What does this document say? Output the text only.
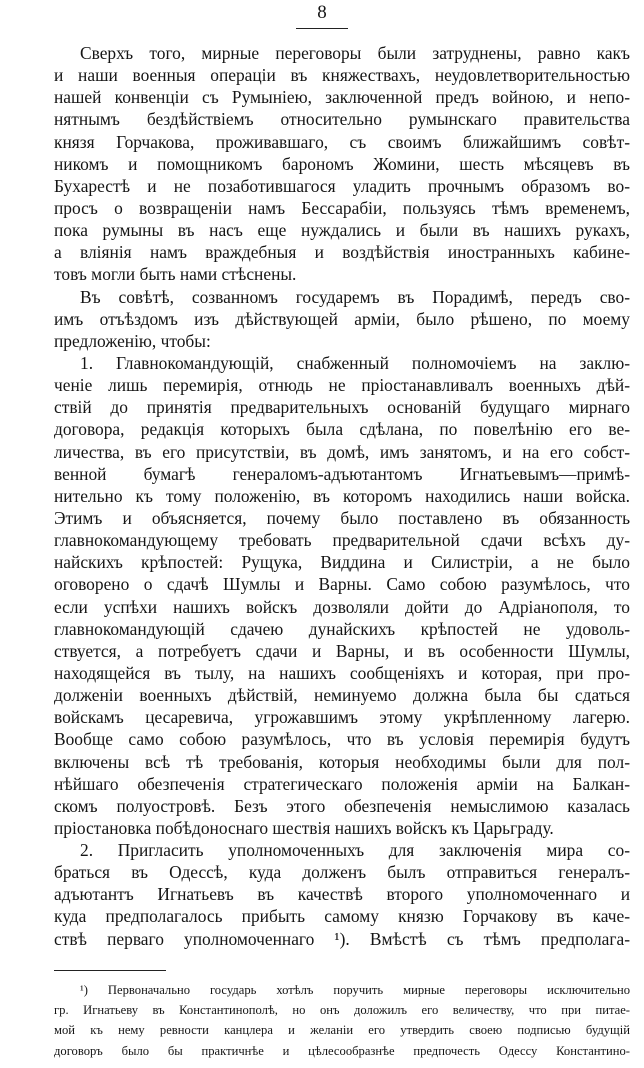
8
Сверхъ того, мирные переговоры были затруднены, равно какъ
и наши военныя операціи въ княжествахъ, неудовлетворительностью
нашей конвенціи съ Румыніею, заключенной предъ войною, и непо-
нятнымъ бездѣйствіемъ относительно румынскаго правительства
князя Горчакова, проживавшаго, съ своимъ ближайшимъ совѣт-
никомъ и помощникомъ барономъ Жомини, шесть мѣсяцевъ въ
Бухарестѣ и не позаботившагося уладить прочнымъ образомъ во-
просъ о возвращеніи намъ Бессарабіи, пользуясь тѣмъ временемъ,
пока румыны въ насъ еще нуждались и были въ нашихъ рукахъ,
а вліянія намъ враждебныя и воздѣйствія иностранныхъ кабине-
товъ могли быть нами стѣснены.
Въ совѣтѣ, созванномъ государемъ въ Порадимѣ, передъ сво-
имъ отъѣздомъ изъ дѣйствующей арміи, было рѣшено, по моему
предложенію, чтобы:
1. Главнокомандующій, снабженный полномочіемъ на заклю-
ченіе лишь перемирія, отнюдь не пріостанавливалъ военныхъ дѣй-
ствій до принятія предварительныхъ основаній будущаго мирнаго
договора, редакція которыхъ была сдѣлана, по повелѣнію его ве-
личества, въ его присутствіи, въ домѣ, имъ занятомъ, и на его собст-
венной бумагѣ генераломъ-адъютантомъ Игнатьевымъ—примѣ-
нительно къ тому положенію, въ которомъ находились наши войска.
Этимъ и объясняется, почему было поставлено въ обязанность
главнокомандующему требовать предварительной сдачи всѣхъ ду-
найскихъ крѣпостей: Рущука, Виддина и Силистріи, а не было
оговорено о сдачѣ Шумлы и Варны. Само собою разумѣлось, что
если успѣхи нашихъ войскъ дозволяли дойти до Адріанополя, то
главнокомандующій сдачею дунайскихъ крѣпостей не удоволь-
ствуется, а потребуетъ сдачи и Варны, и въ особенности Шумлы,
находящейся въ тылу, на нашихъ сообщеніяхъ и которая, при про-
долженіи военныхъ дѣйствій, неминуемо должна была бы сдаться
войскамъ цесаревича, угрожавшимъ этому укрѣпленному лагерю.
Вообще само собою разумѣлось, что въ условія перемирія будутъ
включены всѣ тѣ требованія, которыя необходимы были для пол-
нѣйшаго обезпеченія стратегическаго положенія арміи на Балкан-
скомъ полуостровѣ. Безъ этого обезпеченія немыслимою казалась
пріостановка побѣдоноснаго шествія нашихъ войскъ къ Царьграду.
2. Пригласить уполномоченныхъ для заключенія мира со-
браться въ Одессѣ, куда долженъ былъ отправиться генералъ-
адъютантъ Игнатьевъ въ качествѣ второго уполномоченнаго и
куда предполагалось прибыть самому князю Горчакову въ каче-
ствѣ перваго уполномоченнаго ¹). Вмѣстѣ съ тѣмъ предполага-
¹) Первоначально государь хотѣлъ поручить мирные переговоры исключительно
гр. Игнатьеву въ Константинополѣ, но онъ доложилъ его величеству, что при питае-
мой къ нему ревности канцлера и желаніи его утвердить своею подписью будущій
договоръ было бы практичнѣе и цѣлесообразнѣе предпочесть Одессу Константино-
